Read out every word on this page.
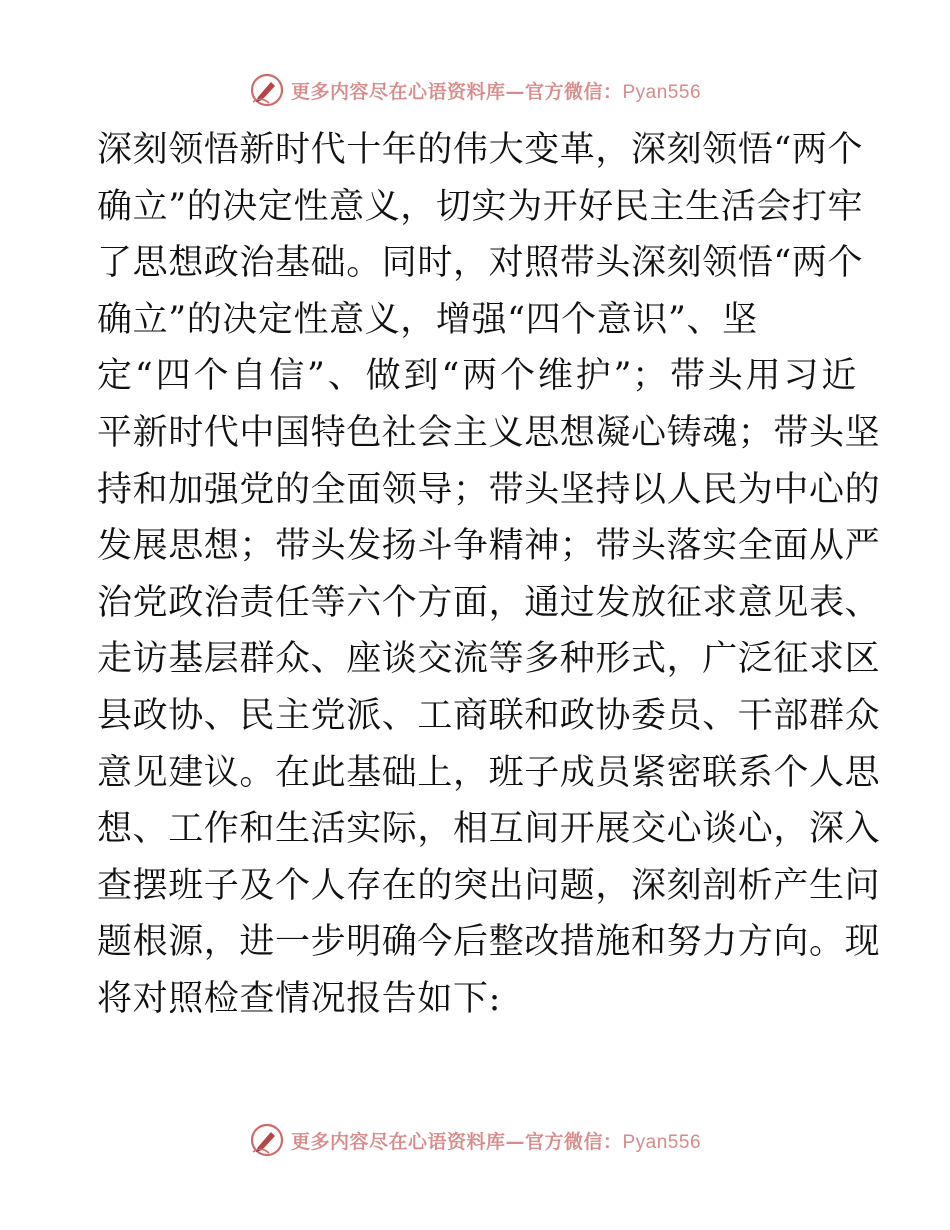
更多内容尽在心语资料库—官方微信：Pyan556
深刻领悟新时代十年的伟大变革，深刻领悟“两个
确立”的决定性意义，切实为开好民主生活会打牢
了思想政治基础。同时，对照带头深刻领悟“两个
确立”的决定性意义，增强“四个意识”、坚
定“四个自信”、做到“两个维护”；带头用习近
平新时代中国特色社会主义思想凝心铸魂；带头坚
持和加强党的全面领导；带头坚持以人民为中心的
发展思想；带头发扬斗争精神；带头落实全面从严
治党政治责任等六个方面，通过发放征求意见表、
走访基层群众、座谈交流等多种形式，广泛征求区
县政协、民主党派、工商联和政协委员、干部群众
意见建议。在此基础上，班子成员紧密联系个人思
想、工作和生活实际，相互间开展交心谈心，深入
查摆班子及个人存在的突出问题，深刻剖析产生问
题根源，进一步明确今后整改措施和努力方向。现
将对照检查情况报告如下:
更多内容尽在心语资料库—官方微信：Pyan556
